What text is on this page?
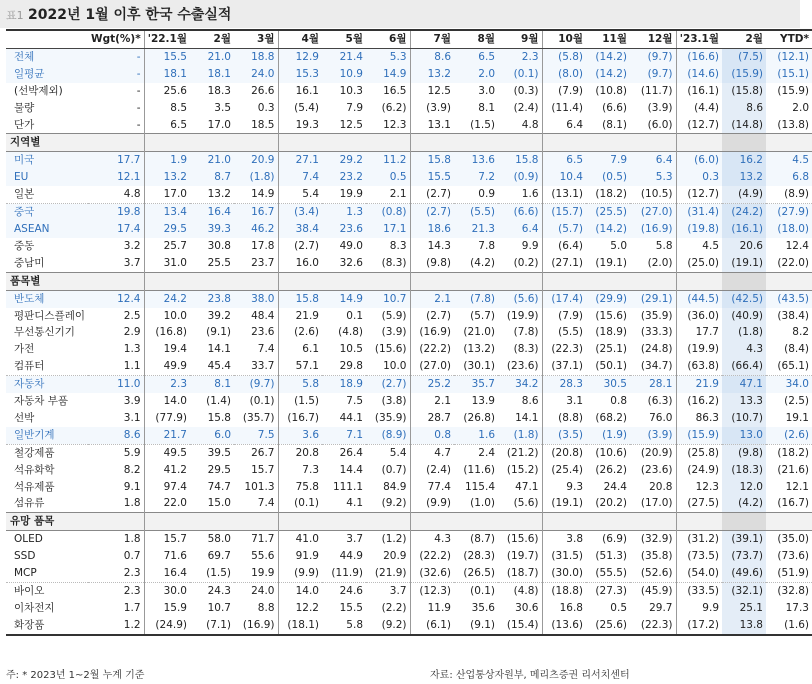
표1 2022년 1월 이후 한국 수출실적
	Wgt(%)*	'22.1월	2월	3월	4월	5월	6월	7월	8월	9월	10월	11월	12월	'23.1월	2월	YTD*
전체	-	15.5	21.0	18.8	12.9	21.4	5.3	8.6	6.5	2.3	(5.8)	(14.2)	(9.7)	(16.6)	(7.5)	(12.1)
일평균	-	18.1	18.1	24.0	15.3	10.9	14.9	13.2	2.0	(0.1)	(8.0)	(14.2)	(9.7)	(14.6)	(15.9)	(15.1)
(선박제외)	-	25.6	18.3	26.6	16.1	10.3	16.5	12.5	3.0	(0.3)	(7.9)	(10.8)	(11.7)	(16.1)	(15.8)	(15.9)
물량	-	8.5	3.5	0.3	(5.4)	7.9	(6.2)	(3.9)	8.1	(2.4)	(11.4)	(6.6)	(3.9)	(4.4)	8.6	2.0
단가	-	6.5	17.0	18.5	19.3	12.5	12.3	13.1	(1.5)	4.8	6.4	(8.1)	(6.0)	(12.7)	(14.8)	(13.8)
지역별																
미국	17.7	1.9	21.0	20.9	27.1	29.2	11.2	15.8	13.6	15.8	6.5	7.9	6.4	(6.0)	16.2	4.5
EU	12.1	13.2	8.7	(1.8)	7.4	23.2	0.5	15.5	7.2	(0.9)	10.4	(0.5)	5.3	0.3	13.2	6.8
일본	4.8	17.0	13.2	14.9	5.4	19.9	2.1	(2.7)	0.9	1.6	(13.1)	(18.2)	(10.5)	(12.7)	(4.9)	(8.9)
중국	19.8	13.4	16.4	16.7	(3.4)	1.3	(0.8)	(2.7)	(5.5)	(6.6)	(15.7)	(25.5)	(27.0)	(31.4)	(24.2)	(27.9)
ASEAN	17.4	29.5	39.3	46.2	38.4	23.6	17.1	18.6	21.3	6.4	(5.7)	(14.2)	(16.9)	(19.8)	(16.1)	(18.0)
중동	3.2	25.7	30.8	17.8	(2.7)	49.0	8.3	14.3	7.8	9.9	(6.4)	5.0	5.8	4.5	20.6	12.4
중남미	3.7	31.0	25.5	23.7	16.0	32.6	(8.3)	(9.8)	(4.2)	(0.2)	(27.1)	(19.1)	(2.0)	(25.0)	(19.1)	(22.0)
품목별																
반도체	12.4	24.2	23.8	38.0	15.8	14.9	10.7	2.1	(7.8)	(5.6)	(17.4)	(29.9)	(29.1)	(44.5)	(42.5)	(43.5)
평판디스플레이	2.5	10.0	39.2	48.4	21.9	0.1	(5.9)	(2.7)	(5.7)	(19.9)	(7.9)	(15.6)	(35.9)	(36.0)	(40.9)	(38.4)
무선통신기기	2.9	(16.8)	(9.1)	23.6	(2.6)	(4.8)	(3.9)	(16.9)	(21.0)	(7.8)	(5.5)	(18.9)	(33.3)	17.7	(1.8)	8.2
가전	1.3	19.4	14.1	7.4	6.1	10.5	(15.6)	(22.2)	(13.2)	(8.3)	(22.3)	(25.1)	(24.8)	(19.9)	4.3	(8.4)
컴퓨터	1.1	49.9	45.4	33.7	57.1	29.8	10.0	(27.0)	(30.1)	(23.6)	(37.1)	(50.1)	(34.7)	(63.8)	(66.4)	(65.1)
자동차	11.0	2.3	8.1	(9.7)	5.8	18.9	(2.7)	25.2	35.7	34.2	28.3	30.5	28.1	21.9	47.1	34.0
자동차 부품	3.9	14.0	(1.4)	(0.1)	(1.5)	7.5	(3.8)	2.1	13.9	8.6	3.1	0.8	(6.3)	(16.2)	13.3	(2.5)
선박	3.1	(77.9)	15.8	(35.7)	(16.7)	44.1	(35.9)	28.7	(26.8)	14.1	(8.8)	(68.2)	76.0	86.3	(10.7)	19.1
일반기계	8.6	21.7	6.0	7.5	3.6	7.1	(8.9)	0.8	1.6	(1.8)	(3.5)	(1.9)	(3.9)	(15.9)	13.0	(2.6)
철강제품	5.9	49.5	39.5	26.7	20.8	26.4	5.4	4.7	2.4	(21.2)	(20.8)	(10.6)	(20.9)	(25.8)	(9.8)	(18.2)
석유화학	8.2	41.2	29.5	15.7	7.3	14.4	(0.7)	(2.4)	(11.6)	(15.2)	(25.4)	(26.2)	(23.6)	(24.9)	(18.3)	(21.6)
석유제품	9.1	97.4	74.7	101.3	75.8	111.1	84.9	77.4	115.4	47.1	9.3	24.4	20.8	12.3	12.0	12.1
섬유류	1.8	22.0	15.0	7.4	(0.1)	4.1	(9.2)	(9.9)	(1.0)	(5.6)	(19.1)	(20.2)	(17.0)	(27.5)	(4.2)	(16.7)
유망 품목																
OLED	1.8	15.7	58.0	71.7	41.0	3.7	(1.2)	4.3	(8.7)	(15.6)	3.8	(6.9)	(32.9)	(31.2)	(39.1)	(35.0)
SSD	0.7	71.6	69.7	55.6	91.9	44.9	20.9	(22.2)	(28.3)	(19.7)	(31.5)	(51.3)	(35.8)	(73.5)	(73.7)	(73.6)
MCP	2.3	16.4	(1.5)	19.9	(9.9)	(11.9)	(21.9)	(32.6)	(26.5)	(18.7)	(30.0)	(55.5)	(52.6)	(54.0)	(49.6)	(51.9)
바이오	2.3	30.0	24.3	24.0	14.0	24.6	3.7	(12.3)	(0.1)	(4.8)	(18.8)	(27.3)	(45.9)	(33.5)	(32.1)	(32.8)
이차전지	1.7	15.9	10.7	8.8	12.2	15.5	(2.2)	11.9	35.6	30.6	16.8	0.5	29.7	9.9	25.1	17.3
화장품	1.2	(24.9)	(7.1)	(16.9)	(18.1)	5.8	(9.2)	(6.1)	(9.1)	(15.4)	(13.6)	(25.6)	(22.3)	(17.2)	13.8	(1.6)
주: * 2023년 1~2월 누계 기준	자료: 산업통상자원부, 메리츠증권 리서치센터
